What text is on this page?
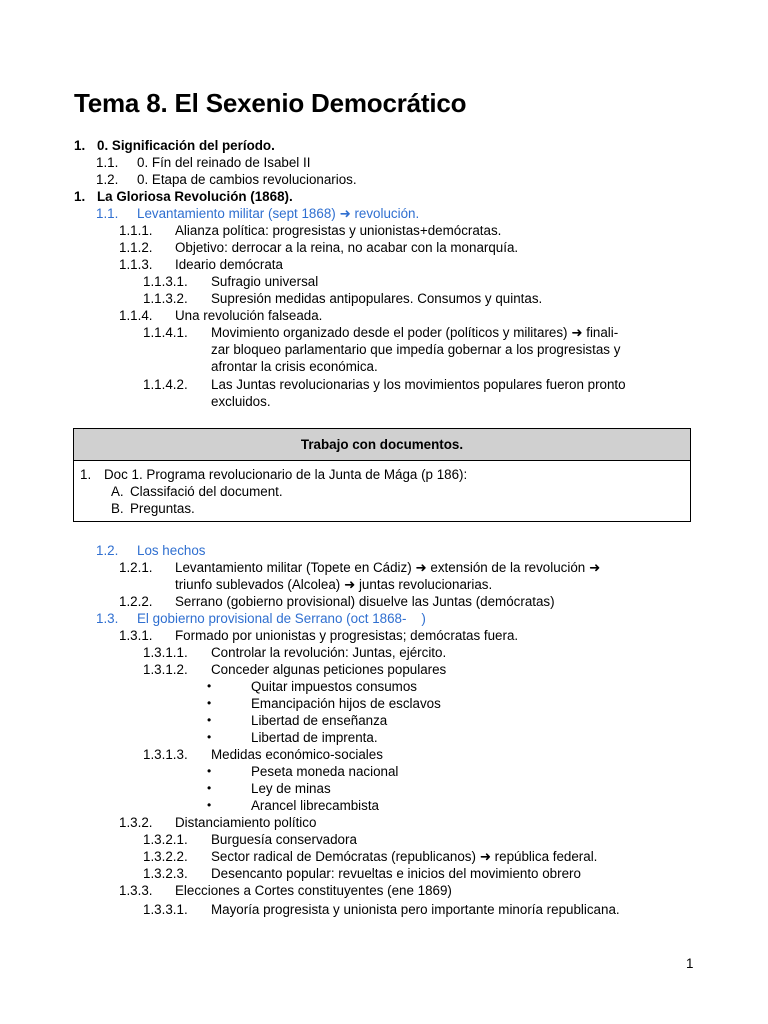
Tema 8. El Sexenio Democrático
1. 0. Significación del período.
1.1. 0. Fín del reinado de Isabel II
1.2. 0. Etapa de cambios revolucionarios.
1. La Gloriosa Revolución (1868).
1.1. Levantamiento militar (sept 1868) ➜ revolución.
1.1.1. Alianza política: progresistas y unionistas+demócratas.
1.1.2. Objetivo: derrocar a la reina, no acabar con la monarquía.
1.1.3. Ideario demócrata
1.1.3.1. Sufragio universal
1.1.3.2. Supresión medidas antipopulares. Consumos y quintas.
1.1.4. Una revolución falseada.
1.1.4.1. Movimiento organizado desde el poder (políticos y militares) ➜ finali-
zar bloqueo parlamentario que impedía gobernar a los progresistas y
afrontar la crisis económica.
1.1.4.2. Las Juntas revolucionarias y los movimientos populares fueron pronto
excluidos.
Trabajo con documentos.
1. Doc 1. Programa revolucionario de la Junta de Mága (p 186):
A. Classifació del document.
B. Preguntas.
1.2. Los hechos
1.2.1. Levantamiento militar (Topete en Cádiz) ➜ extensión de la revolución ➜
triunfo sublevados (Alcolea) ➜ juntas revolucionarias.
1.2.2. Serrano (gobierno provisional) disuelve las Juntas (demócratas)
1.3. El gobierno provisional de Serrano (oct 1868-    )
1.3.1. Formado por unionistas y progresistas; demócratas fuera.
1.3.1.1. Controlar la revolución: Juntas, ejército.
1.3.1.2. Conceder algunas peticiones populares
•	Quitar impuestos consumos
•	Emancipación hijos de esclavos
•	Libertad de enseñanza
•	Libertad de imprenta.
1.3.1.3. Medidas económico-sociales
•	Peseta moneda nacional
•	Ley de minas
•	Arancel librecambista
1.3.2. Distanciamiento político
1.3.2.1. Burguesía conservadora
1.3.2.2. Sector radical de Demócratas (republicanos) ➜ república federal.
1.3.2.3. Desencanto popular: revueltas e inicios del movimiento obrero
1.3.3. Elecciones a Cortes constituyentes (ene 1869)
1.3.3.1. Mayoría progresista y unionista pero importante minoría republicana.
1
